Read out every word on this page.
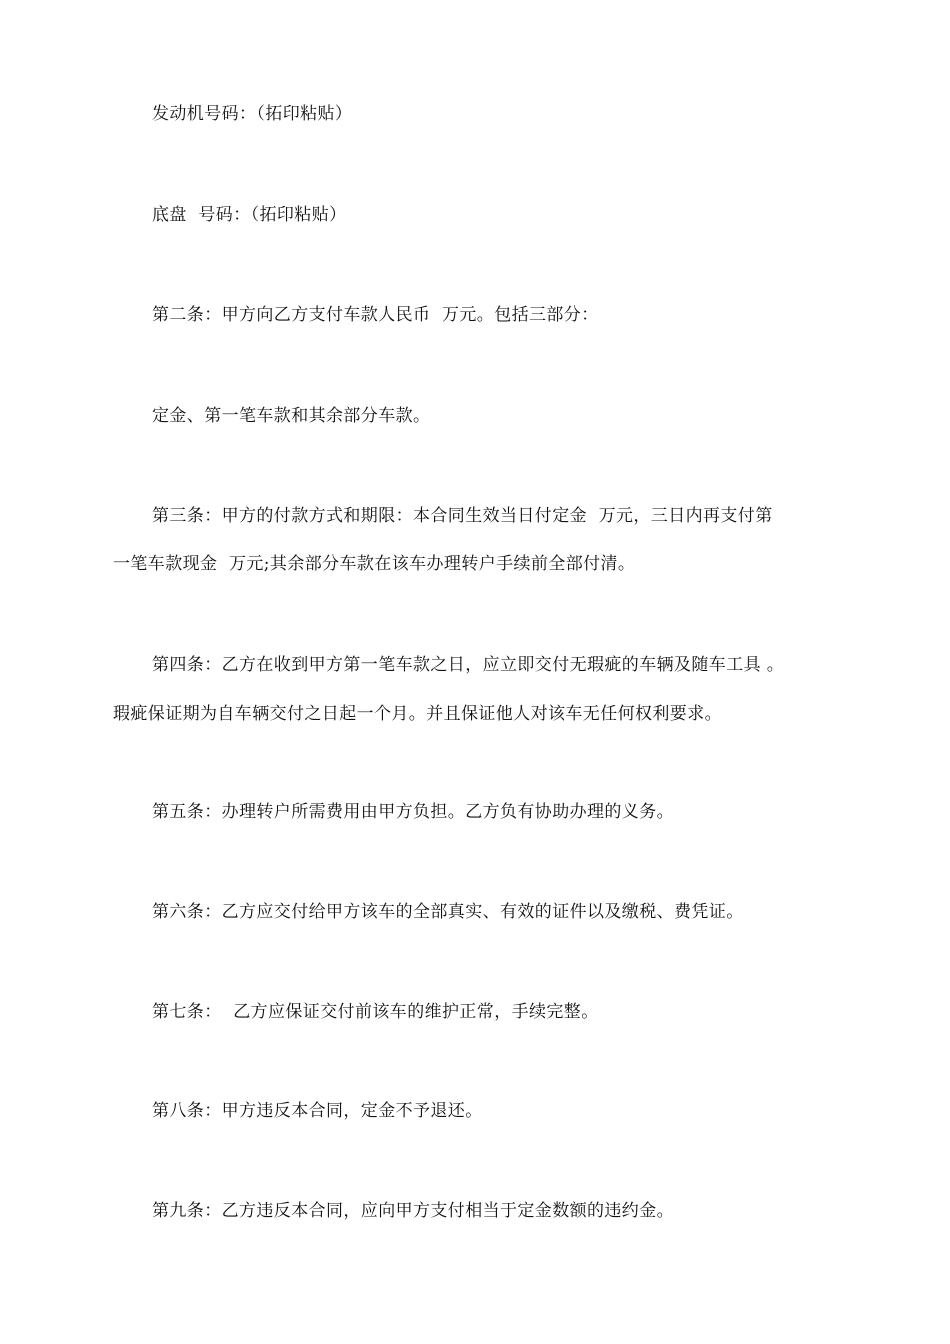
发动机号码：（拓印粘贴）
底盘  号码：（拓印粘贴）
第二条：甲方向乙方支付车款人民币  万元。包括三部分：
定金、第一笔车款和其余部分车款。
第三条：甲方的付款方式和期限：本合同生效当日付定金  万元，三日内再支付第
一笔车款现金  万元;其余部分车款在该车办理转户手续前全部付清。
第四条：乙方在收到甲方第一笔车款之日，应立即交付无瑕疵的车辆及随车工具 。
瑕疵保证期为自车辆交付之日起一个月。并且保证他人对该车无任何权利要求。
第五条：办理转户所需费用由甲方负担。乙方负有协助办理的义务。
第六条：乙方应交付给甲方该车的全部真实、有效的证件以及缴税、费凭证。
第七条：  乙方应保证交付前该车的维护正常，手续完整。
第八条：甲方违反本合同，定金不予退还。
第九条：乙方违反本合同，应向甲方支付相当于定金数额的违约金。
